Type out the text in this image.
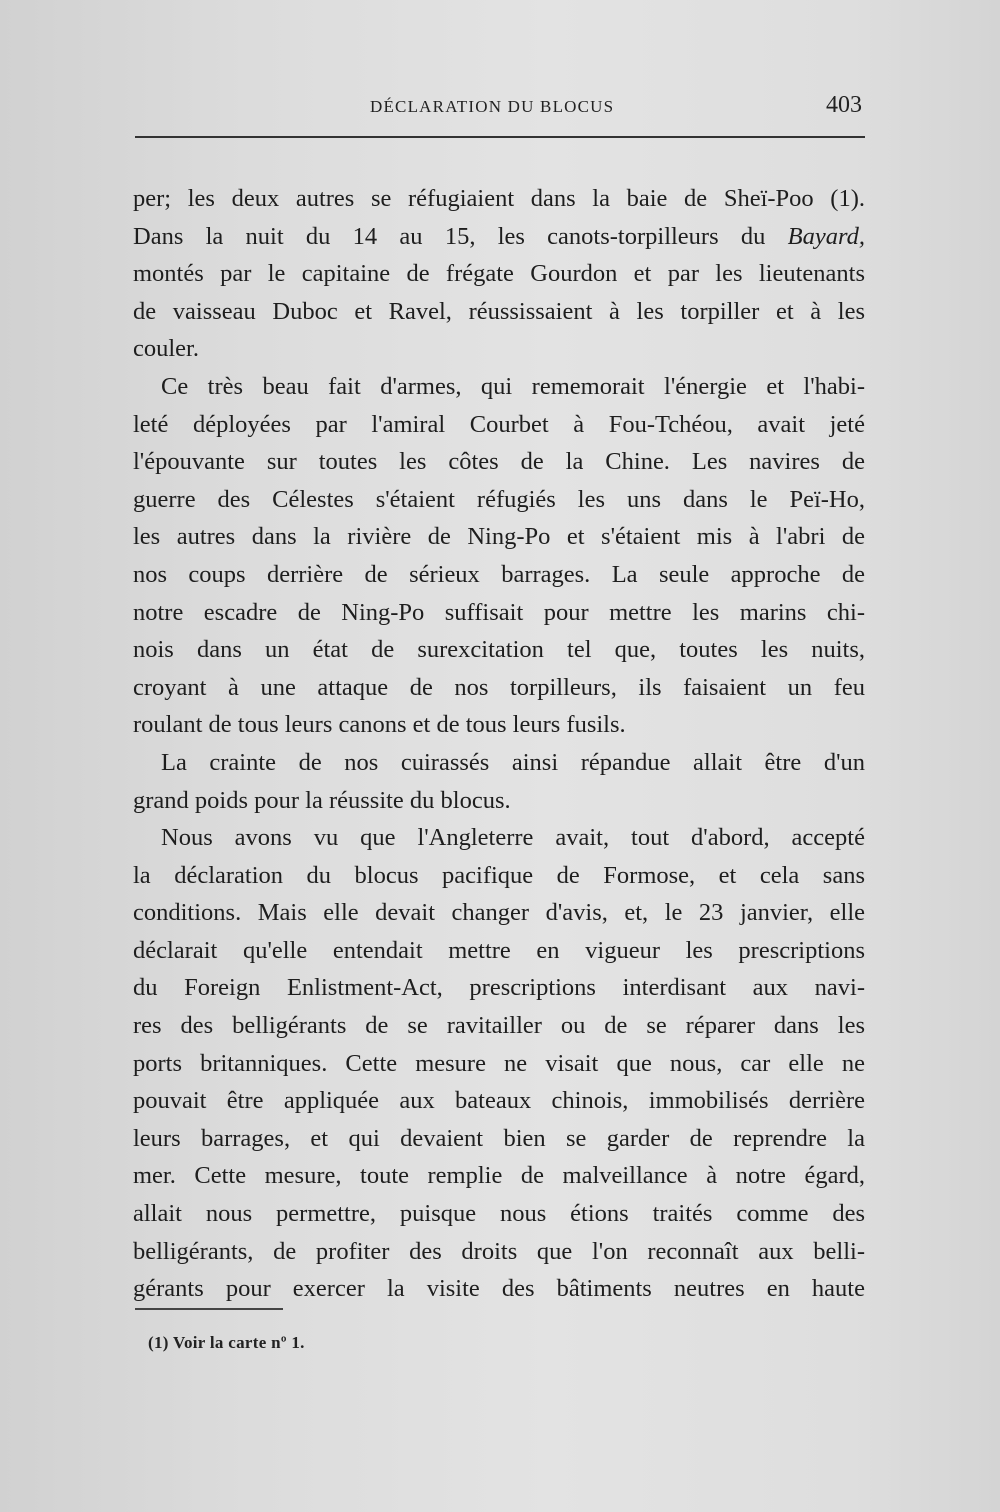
DÉCLARATION DU BLOCUS	403
per; les deux autres se réfugiaient dans la baie de Sheï-Poo (1).
Dans la nuit du 14 au 15, les canots-torpilleurs du Bayard,
montés par le capitaine de frégate Gourdon et par les lieutenants
de vaisseau Duboc et Ravel, réussissaient à les torpiller et à les
couler.
Ce très beau fait d'armes, qui rememorait l'énergie et l'habi-
leté déployées par l'amiral Courbet à Fou-Tchéou, avait jeté
l'épouvante sur toutes les côtes de la Chine. Les navires de
guerre des Célestes s'étaient réfugiés les uns dans le Peï-Ho,
les autres dans la rivière de Ning-Po et s'étaient mis à l'abri de
nos coups derrière de sérieux barrages. La seule approche de
notre escadre de Ning-Po suffisait pour mettre les marins chi-
nois dans un état de surexcitation tel que, toutes les nuits,
croyant à une attaque de nos torpilleurs, ils faisaient un feu
roulant de tous leurs canons et de tous leurs fusils.
La crainte de nos cuirassés ainsi répandue allait être d'un
grand poids pour la réussite du blocus.
Nous avons vu que l'Angleterre avait, tout d'abord, accepté
la déclaration du blocus pacifique de Formose, et cela sans
conditions. Mais elle devait changer d'avis, et, le 23 janvier, elle
déclarait qu'elle entendait mettre en vigueur les prescriptions
du Foreign Enlistment-Act, prescriptions interdisant aux navi-
res des belligérants de se ravitailler ou de se réparer dans les
ports britanniques. Cette mesure ne visait que nous, car elle ne
pouvait être appliquée aux bateaux chinois, immobilisés derrière
leurs barrages, et qui devaient bien se garder de reprendre la
mer. Cette mesure, toute remplie de malveillance à notre égard,
allait nous permettre, puisque nous étions traités comme des
belligérants, de profiter des droits que l'on reconnaît aux belli-
gérants pour exercer la visite des bâtiments neutres en haute
(1) Voir la carte nº 1.
